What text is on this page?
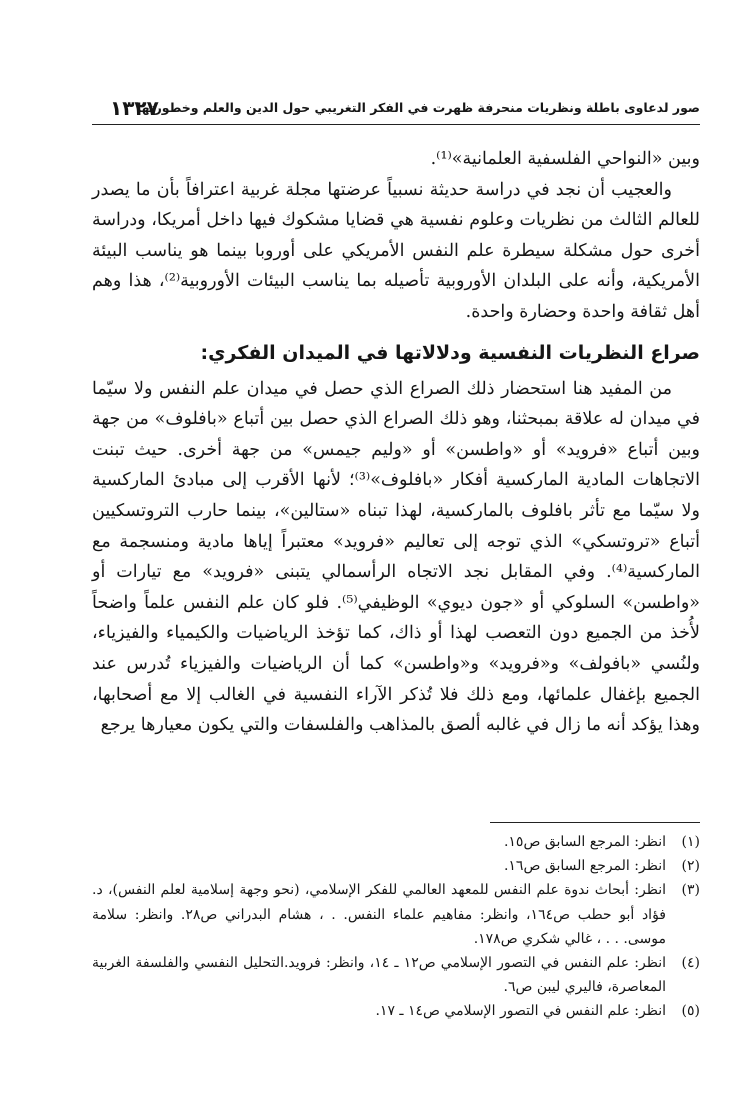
صور لدعاوى باطلة ونظريات منحرفة ظهرت في الفكر التغريبي حول الدين والعلم وخطورتها
١٣٢٧

وبين «النواحي الفلسفية العلمانية»⁽¹⁾.

والعجيب أن نجد في دراسة حديثة نسبياً عرضتها مجلة غربية اعترافاً بأن ما يصدر للعالم الثالث من نظريات وعلوم نفسية هي قضايا مشكوك فيها داخل أمريكا، ودراسة أخرى حول مشكلة سيطرة علم النفس الأمريكي على أوروبا بينما هو يناسب البيئة الأمريكية، وأنه على البلدان الأوروبية تأصيله بما يناسب البيئات الأوروبية⁽²⁾، هذا وهم أهل ثقافة واحدة وحضارة واحدة.

صراع النظريات النفسية ودلالاتها في الميدان الفكري:

من المفيد هنا استحضار ذلك الصراع الذي حصل في ميدان علم النفس ولا سيّما في ميدان له علاقة بمبحثنا، وهو ذلك الصراع الذي حصل بين أتباع «بافلوف» من جهة وبين أتباع «فرويد» أو «واطسن» أو «وليم جيمس» من جهة أخرى. حيث تبنت الاتجاهات المادية الماركسية أفكار «بافلوف»⁽³⁾؛ لأنها الأقرب إلى مبادئ الماركسية ولا سيّما مع تأثر بافلوف بالماركسية، لهذا تبناه «ستالين»، بينما حارب التروتسكيين أتباع «تروتسكي» الذي توجه إلى تعاليم «فرويد» معتبراً إياها مادية ومنسجمة مع الماركسية⁽⁴⁾. وفي المقابل نجد الاتجاه الرأسمالي يتبنى «فرويد» مع تيارات أو «واطسن» السلوكي أو «جون ديوي» الوظيفي⁽⁵⁾. فلو كان علم النفس علماً واضحاً لأُخذ من الجميع دون التعصب لهذا أو ذاك، كما تؤخذ الرياضيات والكيمياء والفيزياء، ولنُسي «بافولف» و«فرويد» و«واطسن» كما أن الرياضيات والفيزياء تُدرس عند الجميع بإغفال علمائها، ومع ذلك فلا تُذكر الآراء النفسية في الغالب إلا مع أصحابها، وهذا يؤكد أنه ما زال في غالبه ألصق بالمذاهب والفلسفات والتي يكون معيارها يرجع

(١)
انظر: المرجع السابق ص١٥.
(٢)
انظر: المرجع السابق ص١٦.
(٣)
انظر: أبحاث ندوة علم النفس للمعهد العالمي للفكر الإسلامي، (نحو وجهة إسلامية لعلم النفس)، د. فؤاد أبو حطب ص١٦٤، وانظر: مفاهيم علماء النفس. . ، هشام البدراني ص٢٨. وانظر: سلامة موسى. . . ، غالي شكري ص١٧٨.
(٤)
انظر: علم النفس في التصور الإسلامي ص١٢ ـ ١٤، وانظر: فرويد.التحليل النفسي والفلسفة الغربية المعاصرة، فاليري ليبن ص٦.
(٥)
انظر: علم النفس في التصور الإسلامي ص١٤ ـ ١٧.
